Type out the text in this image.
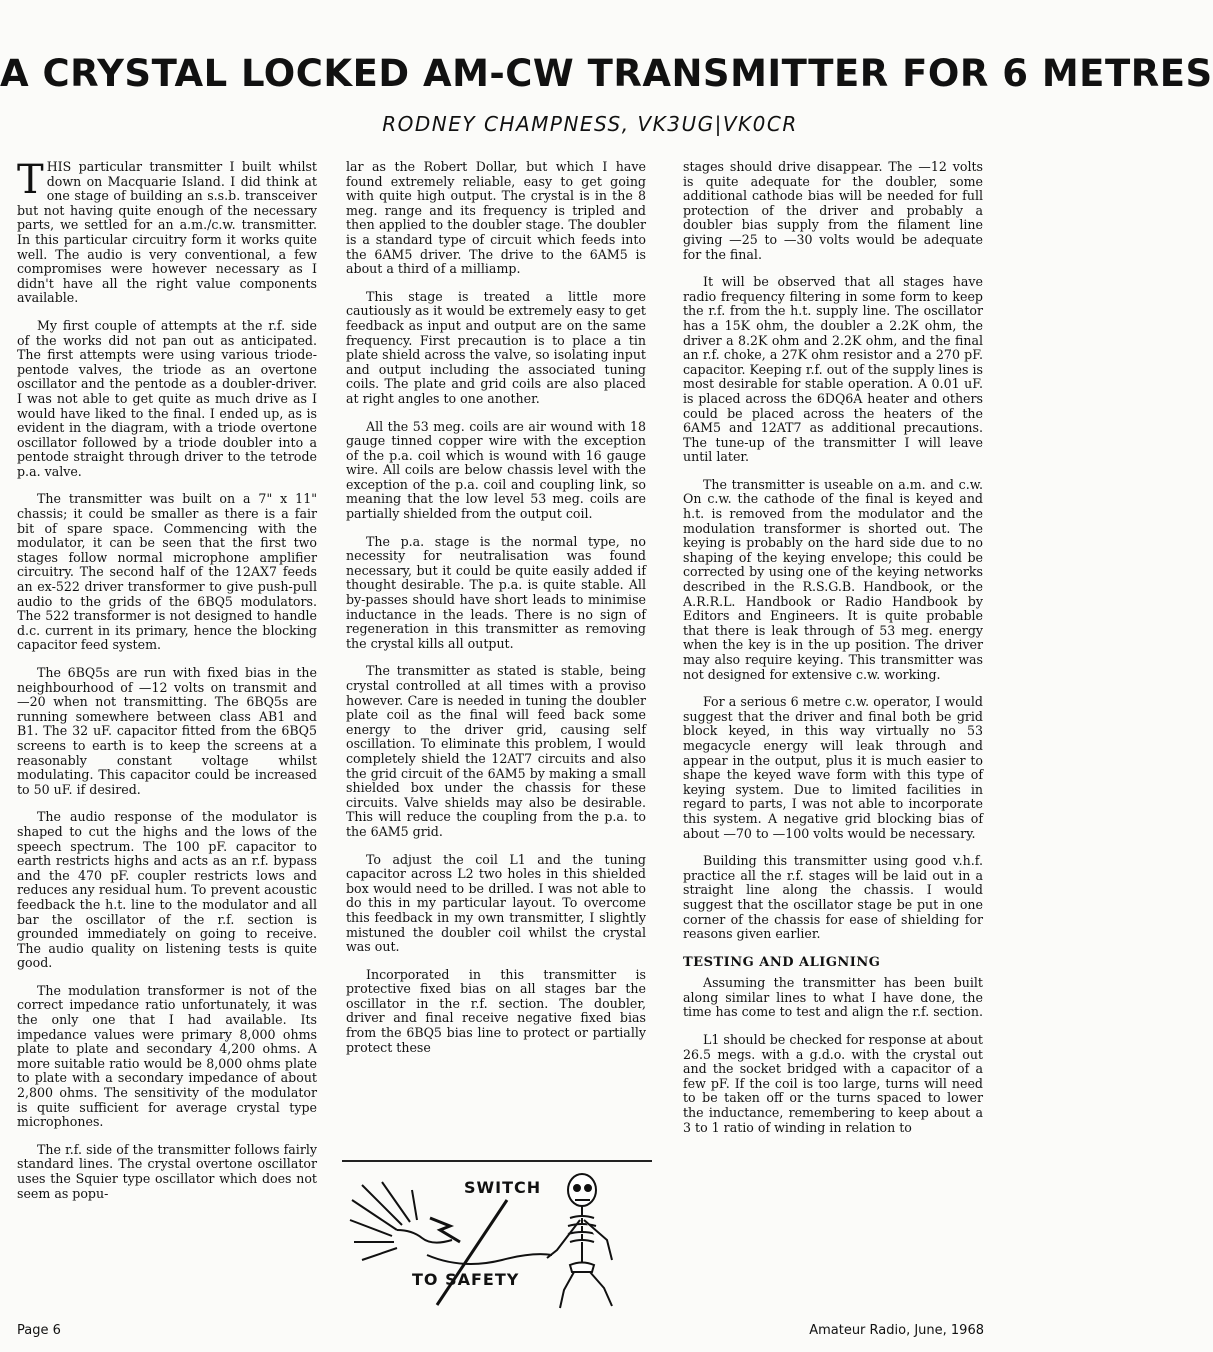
A CRYSTAL LOCKED AM-CW TRANSMITTER FOR 6 METRES
RODNEY CHAMPNESS, VK3UG|VK0CR

THIS particular transmitter I built whilst down on Macquarie Island. I did think at one stage of building an s.s.b. transceiver but not having quite enough of the necessary parts, we settled for an a.m./c.w. transmitter. In this particular circuitry form it works quite well. The audio is very conventional, a few compromises were however necessary as I didn't have all the right value components available.

My first couple of attempts at the r.f. side of the works did not pan out as anticipated. The first attempts were using various triode-pentode valves, the triode as an overtone oscillator and the pentode as a doubler-driver. I was not able to get quite as much drive as I would have liked to the final. I ended up, as is evident in the diagram, with a triode overtone oscillator followed by a triode doubler into a pentode straight through driver to the tetrode p.a. valve.

The transmitter was built on a 7" x 11" chassis; it could be smaller as there is a fair bit of spare space. Commencing with the modulator, it can be seen that the first two stages follow normal microphone amplifier circuitry. The second half of the 12AX7 feeds an ex-522 driver transformer to give push-pull audio to the grids of the 6BQ5 modulators. The 522 transformer is not designed to handle d.c. current in its primary, hence the blocking capacitor feed system.

The 6BQ5s are run with fixed bias in the neighbourhood of —12 volts on transmit and —20 when not transmitting. The 6BQ5s are running somewhere between class AB1 and B1. The 32 uF. capacitor fitted from the 6BQ5 screens to earth is to keep the screens at a reasonably constant voltage whilst modulating. This capacitor could be increased to 50 uF. if desired.

The audio response of the modulator is shaped to cut the highs and the lows of the speech spectrum. The 100 pF. capacitor to earth restricts highs and acts as an r.f. bypass and the 470 pF. coupler restricts lows and reduces any residual hum. To prevent acoustic feedback the h.t. line to the modulator and all bar the oscillator of the r.f. section is grounded immediately on going to receive. The audio quality on listening tests is quite good.

The modulation transformer is not of the correct impedance ratio unfortunately, it was the only one that I had available. Its impedance values were primary 8,000 ohms plate to plate and secondary 4,200 ohms. A more suitable ratio would be 8,000 ohms plate to plate with a secondary impedance of about 2,800 ohms. The sensitivity of the modulator is quite sufficient for average crystal type microphones.

The r.f. side of the transmitter follows fairly standard lines. The crystal overtone oscillator uses the Squier type oscillator which does not seem as popu-

lar as the Robert Dollar, but which I have found extremely reliable, easy to get going with quite high output. The crystal is in the 8 meg. range and its frequency is tripled and then applied to the doubler stage. The doubler is a standard type of circuit which feeds into the 6AM5 driver. The drive to the 6AM5 is about a third of a milliamp.

This stage is treated a little more cautiously as it would be extremely easy to get feedback as input and output are on the same frequency. First precaution is to place a tin plate shield across the valve, so isolating input and output including the associated tuning coils. The plate and grid coils are also placed at right angles to one another.

All the 53 meg. coils are air wound with 18 gauge tinned copper wire with the exception of the p.a. coil which is wound with 16 gauge wire. All coils are below chassis level with the exception of the p.a. coil and coupling link, so meaning that the low level 53 meg. coils are partially shielded from the output coil.

The p.a. stage is the normal type, no necessity for neutralisation was found necessary, but it could be quite easily added if thought desirable. The p.a. is quite stable. All by-passes should have short leads to minimise inductance in the leads. There is no sign of regeneration in this transmitter as removing the crystal kills all output.

The transmitter as stated is stable, being crystal controlled at all times with a proviso however. Care is needed in tuning the doubler plate coil as the final will feed back some energy to the driver grid, causing self oscillation. To eliminate this problem, I would completely shield the 12AT7 circuits and also the grid circuit of the 6AM5 by making a small shielded box under the chassis for these circuits. Valve shields may also be desirable. This will reduce the coupling from the p.a. to the 6AM5 grid.

To adjust the coil L1 and the tuning capacitor across L2 two holes in this shielded box would need to be drilled. I was not able to do this in my particular layout. To overcome this feedback in my own transmitter, I slightly mistuned the doubler coil whilst the crystal was out.

Incorporated in this transmitter is protective fixed bias on all stages bar the oscillator in the r.f. section. The doubler, driver and final receive negative fixed bias from the 6BQ5 bias line to protect or partially protect these

stages should drive disappear. The —12 volts is quite adequate for the doubler, some additional cathode bias will be needed for full protection of the driver and probably a doubler bias supply from the filament line giving —25 to —30 volts would be adequate for the final.

It will be observed that all stages have radio frequency filtering in some form to keep the r.f. from the h.t. supply line. The oscillator has a 15K ohm, the doubler a 2.2K ohm, the driver a 8.2K ohm and 2.2K ohm, and the final an r.f. choke, a 27K ohm resistor and a 270 pF. capacitor. Keeping r.f. out of the supply lines is most desirable for stable operation. A 0.01 uF. is placed across the 6DQ6A heater and others could be placed across the heaters of the 6AM5 and 12AT7 as additional precautions. The tune-up of the transmitter I will leave until later.

The transmitter is useable on a.m. and c.w. On c.w. the cathode of the final is keyed and h.t. is removed from the modulator and the modulation transformer is shorted out. The keying is probably on the hard side due to no shaping of the keying envelope; this could be corrected by using one of the keying networks described in the R.S.G.B. Handbook, or the A.R.R.L. Handbook or Radio Handbook by Editors and Engineers. It is quite probable that there is leak through of 53 meg. energy when the key is in the up position. The driver may also require keying. This transmitter was not designed for extensive c.w. working.

For a serious 6 metre c.w. operator, I would suggest that the driver and final both be grid block keyed, in this way virtually no 53 megacycle energy will leak through and appear in the output, plus it is much easier to shape the keyed wave form with this type of keying system. Due to limited facilities in regard to parts, I was not able to incorporate this system. A negative grid blocking bias of about —70 to —100 volts would be necessary.

Building this transmitter using good v.h.f. practice all the r.f. stages will be laid out in a straight line along the chassis. I would suggest that the oscillator stage be put in one corner of the chassis for ease of shielding for reasons given earlier.

TESTING AND ALIGNING

Assuming the transmitter has been built along similar lines to what I have done, the time has come to test and align the r.f. section.

L1 should be checked for response at about 26.5 megs. with a g.d.o. with the crystal out and the socket bridged with a capacitor of a few pF. If the coil is too large, turns will need to be taken off or the turns spaced to lower the inductance, remembering to keep about a 3 to 1 ratio of winding in relation to

SWITCH
TO SAFETY
Page 6	Amateur Radio, June, 1968
